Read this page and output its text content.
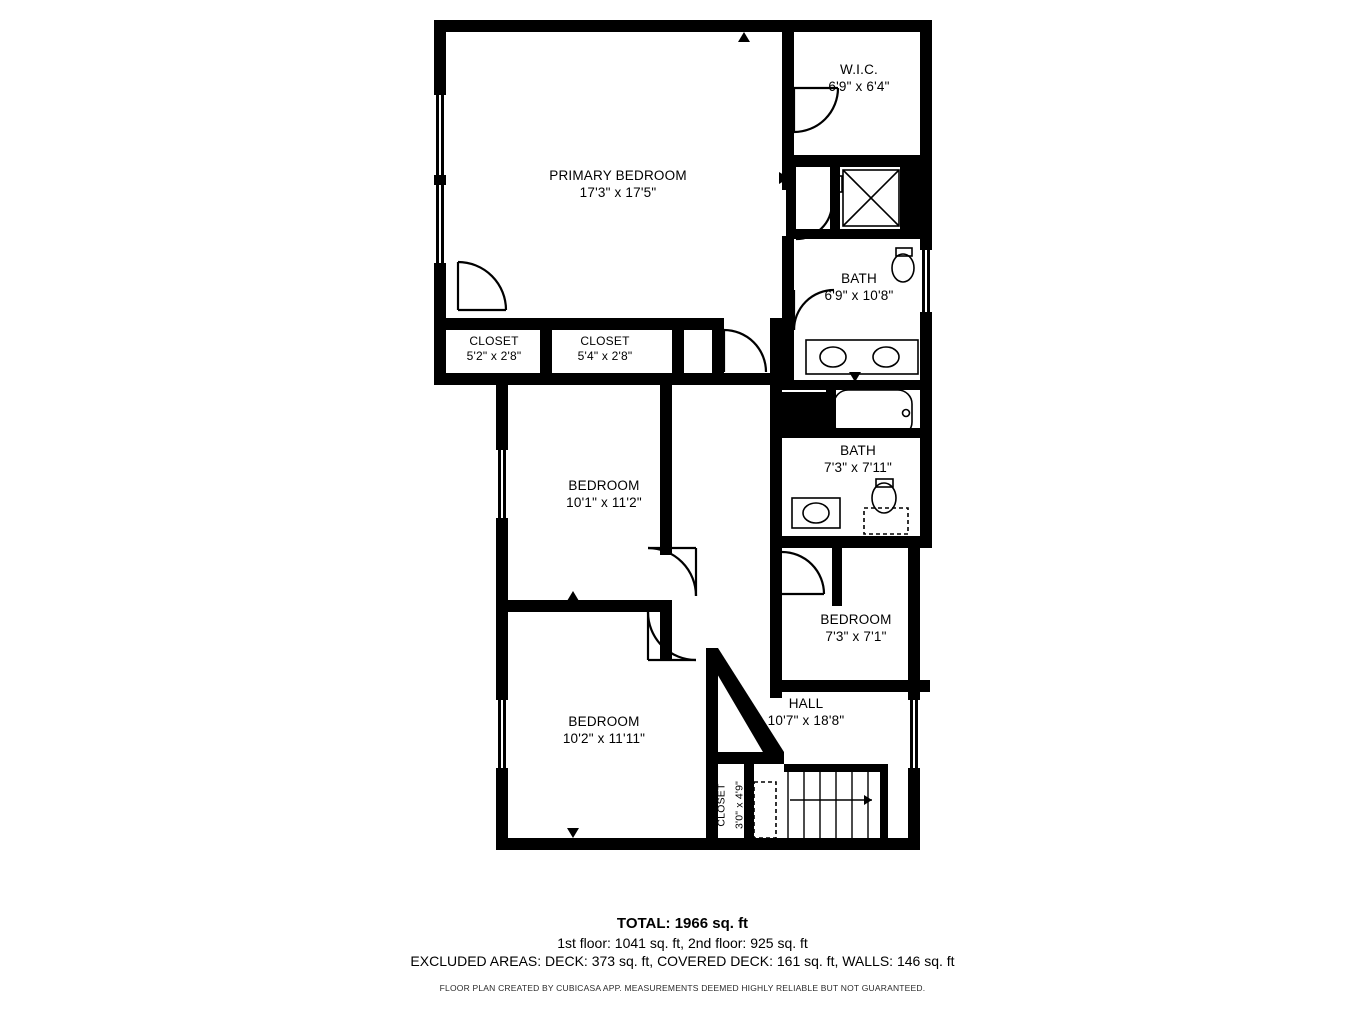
PRIMARY BEDROOM
17'3" x 17'5"
W.I.C.
6'9" x 6'4"
BATH
6'9" x 10'8"
CLOSET
5'2" x 2'8"
CLOSET
5'4" x 2'8"
BATH
7'3" x 7'11"
BEDROOM
10'1" x 11'2"
BEDROOM
7'3" x 7'1"
HALL
10'7" x 18'8"
BEDROOM
10'2" x 11'11"
CLOSET 3'0" x 4'9"
TOTAL: 1966 sq. ft
1st floor: 1041 sq. ft, 2nd floor: 925 sq. ft
EXCLUDED AREAS: DECK: 373 sq. ft, COVERED DECK: 161 sq. ft, WALLS: 146 sq. ft
FLOOR PLAN CREATED BY CUBICASA APP. MEASUREMENTS DEEMED HIGHLY RELIABLE BUT NOT GUARANTEED.
